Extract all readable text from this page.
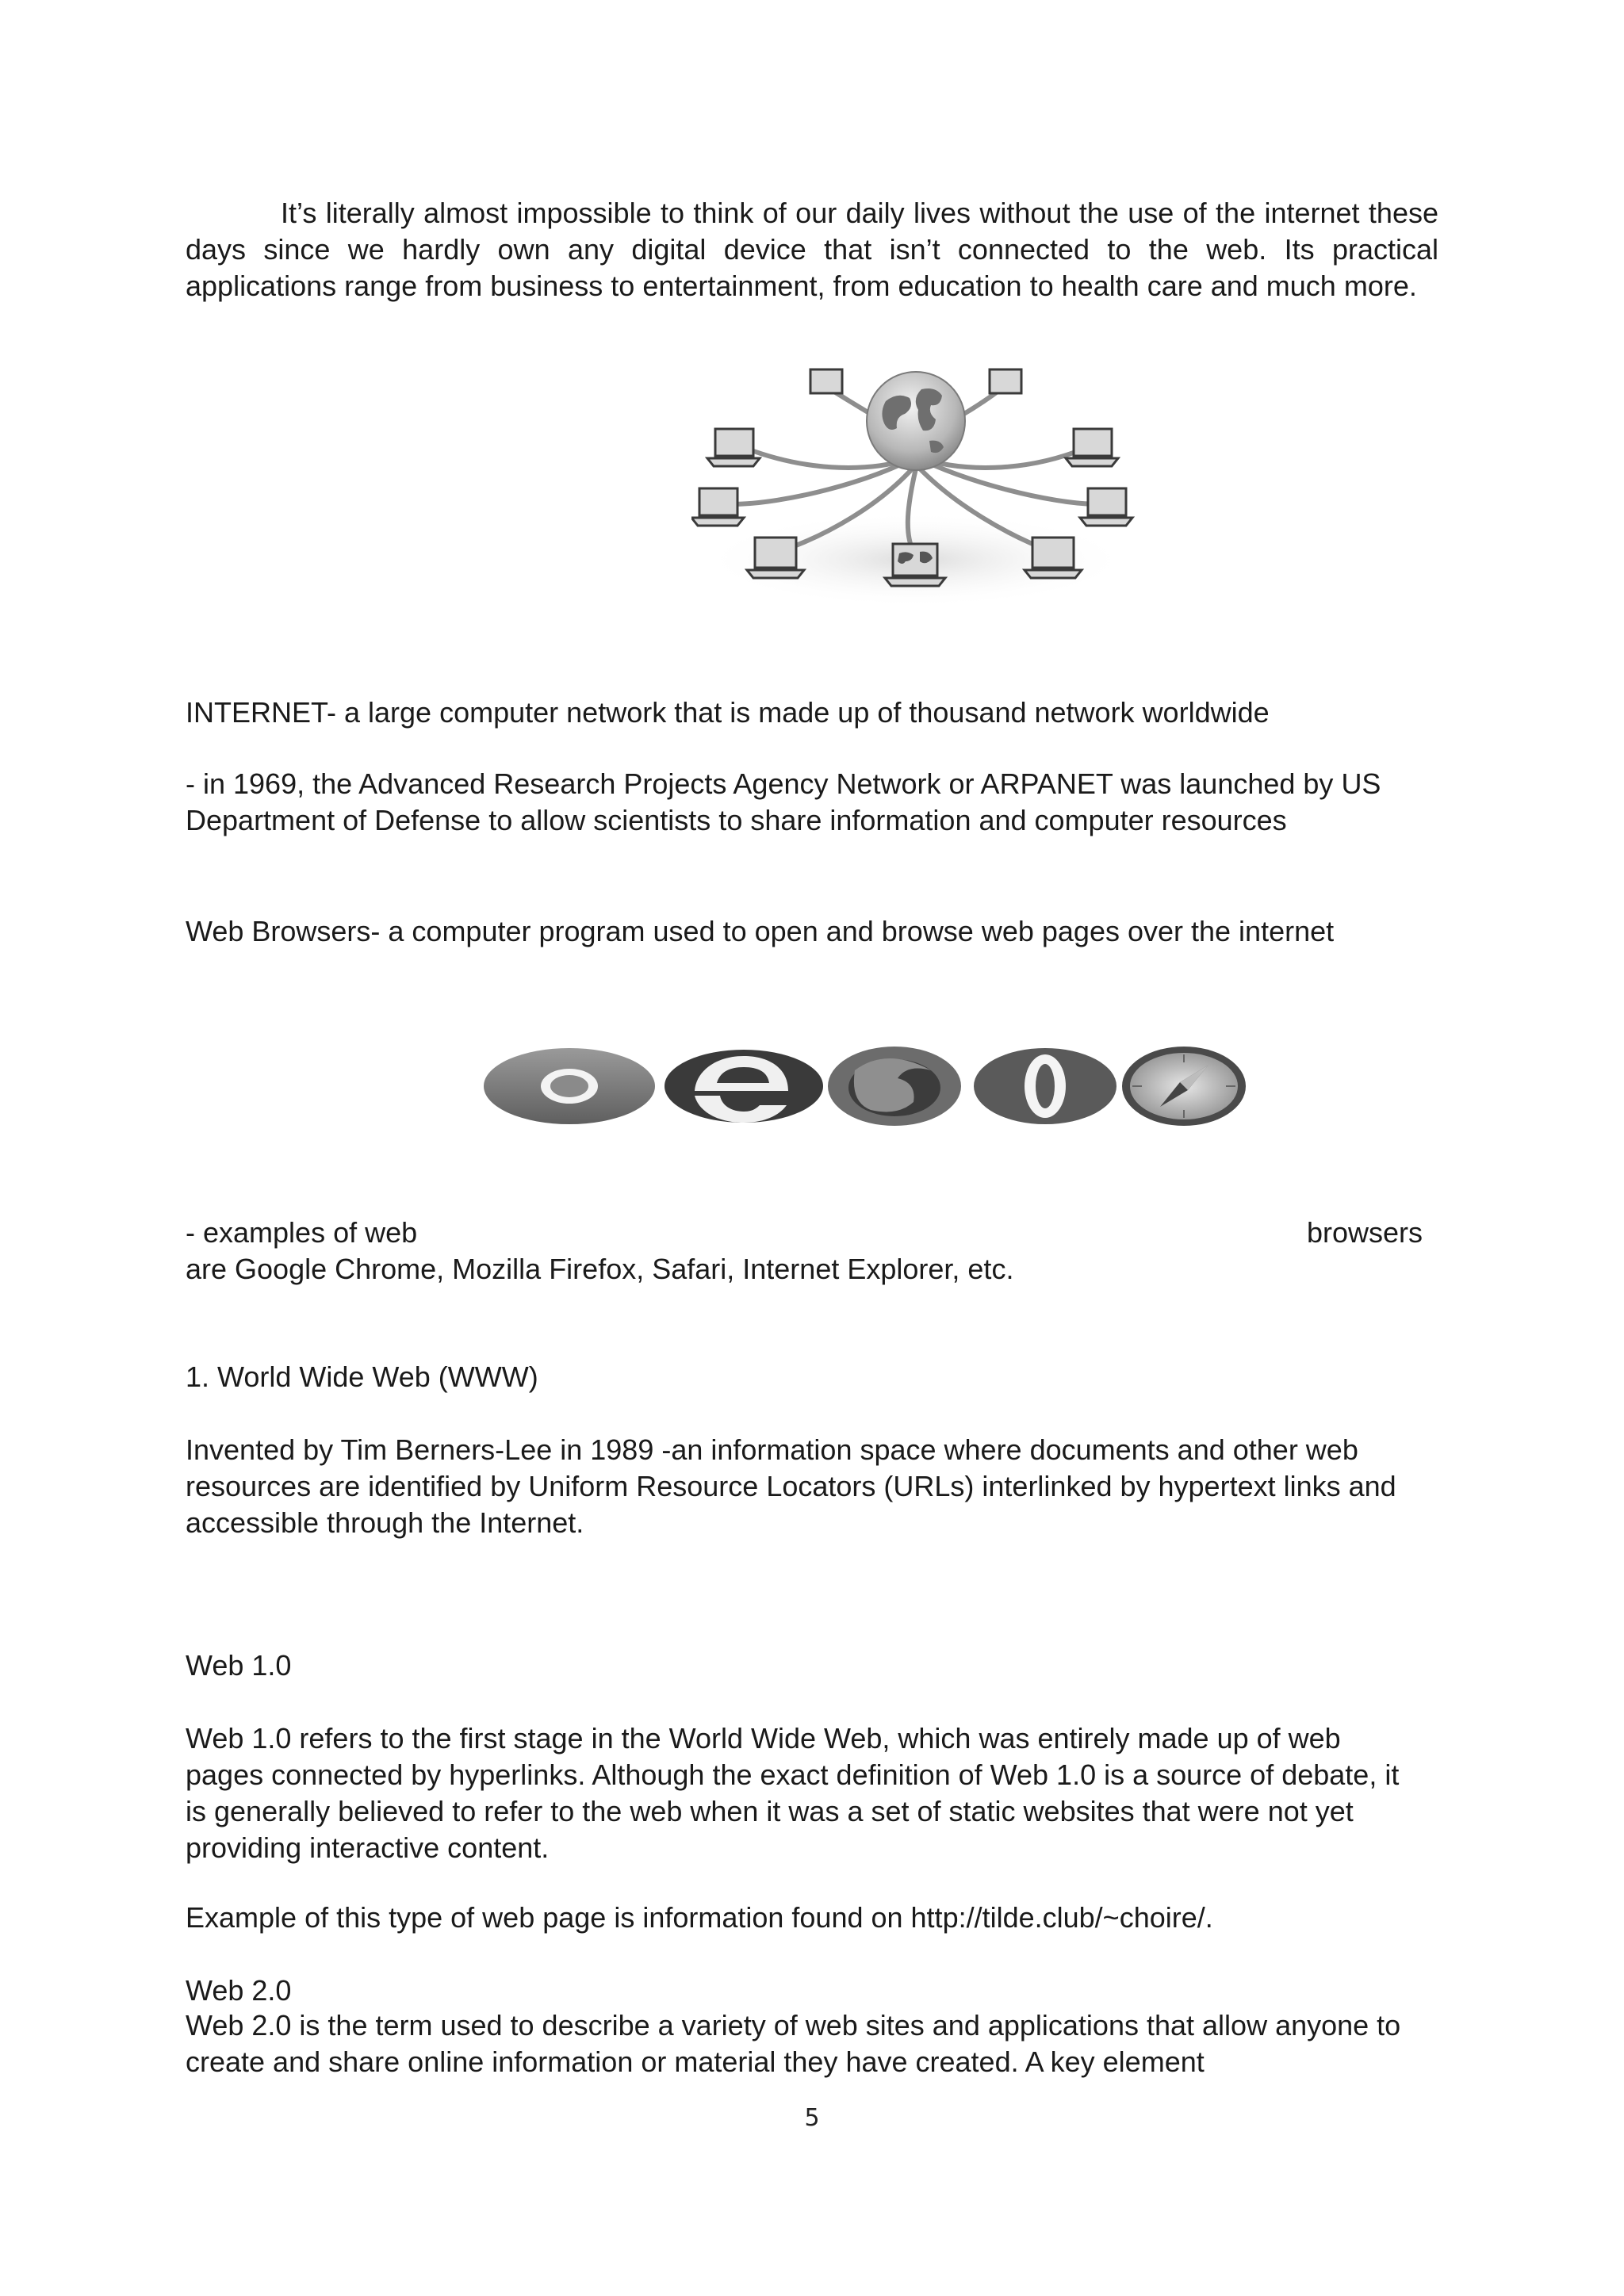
It’s literally almost impossible to think of our daily lives without the use of the internet these days since we hardly own any digital device that isn’t connected to the web. Its practical applications range from business to entertainment, from education to health care and much more.

INTERNET- a large computer network that is made up of thousand network worldwide

- in 1969, the Advanced Research Projects Agency Network or ARPANET was launched by US Department of Defense to allow scientists to share information and computer resources

Web Browsers- a computer program used to open and browse web pages over the internet

- examples of web	browsers

are Google Chrome, Mozilla Firefox, Safari, Internet Explorer, etc.

1. World Wide Web (WWW)

Invented by Tim Berners-Lee in 1989 -an information space where documents and other web resources are identified by Uniform Resource Locators (URLs) interlinked by hypertext links and accessible through the Internet.

Web 1.0

Web 1.0 refers to the first stage in the World Wide Web, which was entirely made up of web pages connected by hyperlinks. Although the exact definition of Web 1.0 is a source of debate, it is generally believed to refer to the web when it was a set of static websites that were not yet providing interactive content.

Example of this type of web page is information found on http://tilde.club/~choire/.

Web 2.0

Web 2.0 is the term used to describe a variety of web sites and applications that allow anyone to create and share online information or material they have created. A key element

5
